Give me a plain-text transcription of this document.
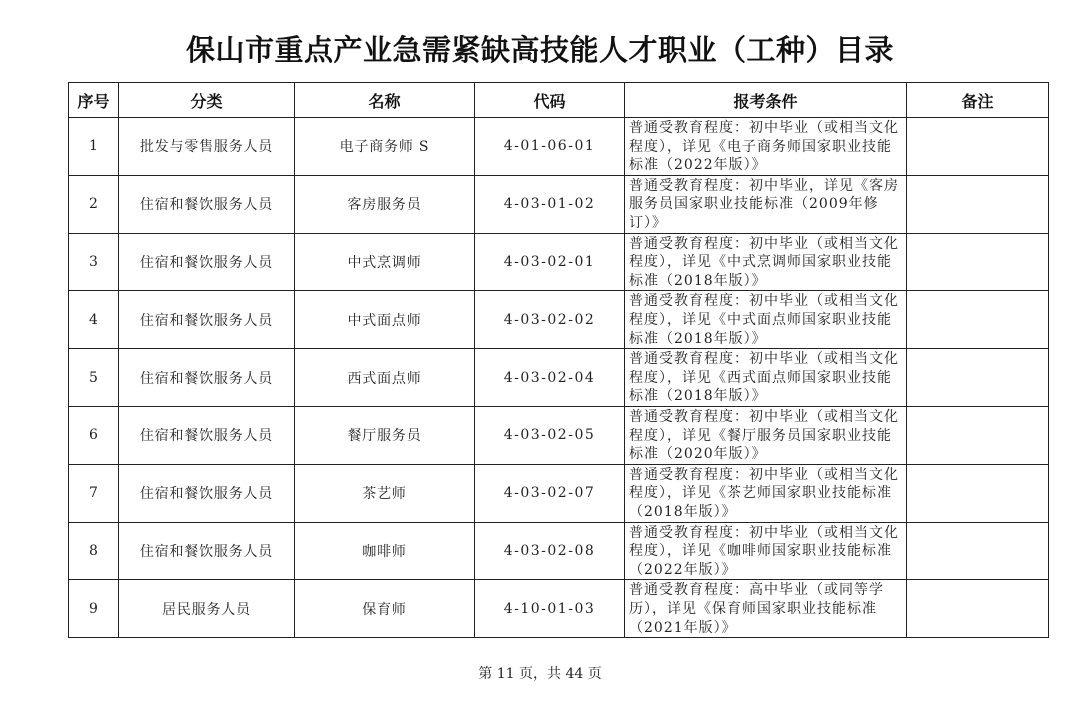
保山市重点产业急需紧缺高技能人才职业（工种）目录
序号	分类	名称	代码	报考条件	备注
1	批发与零售服务人员	电子商务师 S	4-01-06-01	普通受教育程度：初中毕业（或相当文化程度），详见《电子商务师国家职业技能标准（2022年版）》	
2	住宿和餐饮服务人员	客房服务员	4-03-01-02	普通受教育程度：初中毕业，详见《客房服务员国家职业技能标准（2009年修订）》	
3	住宿和餐饮服务人员	中式烹调师	4-03-02-01	普通受教育程度：初中毕业（或相当文化程度），详见《中式烹调师国家职业技能标准（2018年版）》	
4	住宿和餐饮服务人员	中式面点师	4-03-02-02	普通受教育程度：初中毕业（或相当文化程度），详见《中式面点师国家职业技能标准（2018年版）》	
5	住宿和餐饮服务人员	西式面点师	4-03-02-04	普通受教育程度：初中毕业（或相当文化程度），详见《西式面点师国家职业技能标准（2018年版）》	
6	住宿和餐饮服务人员	餐厅服务员	4-03-02-05	普通受教育程度：初中毕业（或相当文化程度），详见《餐厅服务员国家职业技能标准（2020年版）》	
7	住宿和餐饮服务人员	茶艺师	4-03-02-07	普通受教育程度：初中毕业（或相当文化程度），详见《茶艺师国家职业技能标准（2018年版）》	
8	住宿和餐饮服务人员	咖啡师	4-03-02-08	普通受教育程度：初中毕业（或相当文化程度），详见《咖啡师国家职业技能标准（2022年版）》	
9	居民服务人员	保育师	4-10-01-03	普通受教育程度：高中毕业（或同等学历），详见《保育师国家职业技能标准（2021年版）》	
第 11 页，共 44 页
